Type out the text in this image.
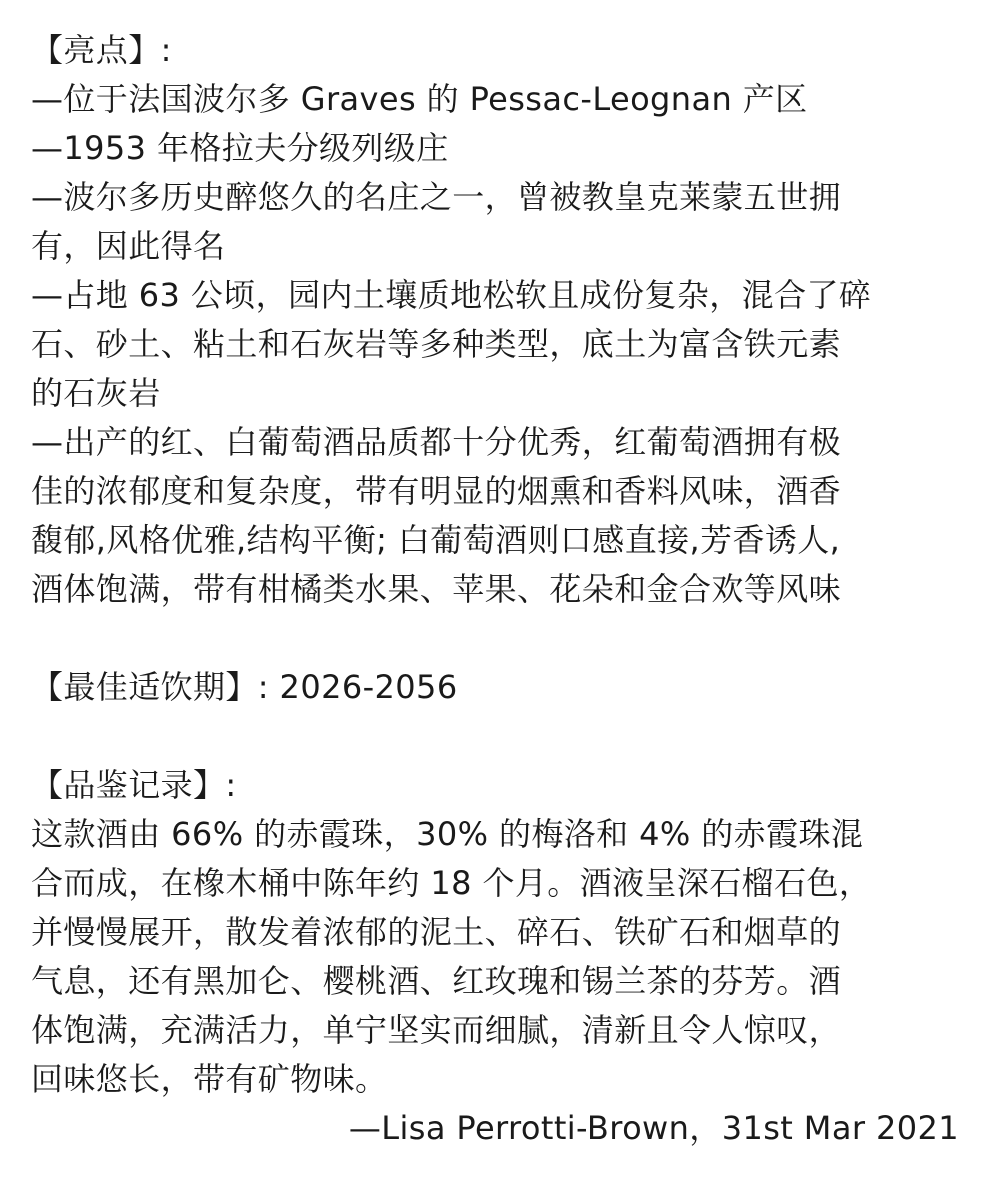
【亮点】:
—位于法国波尔多 Graves 的 Pessac-Leognan 产区
—1953 年格拉夫分级列级庄
—波尔多历史醉悠久的名庄之一，曾被教皇克莱蒙五世拥
有，因此得名
—占地 63 公顷，园内土壤质地松软且成份复杂，混合了碎
石、砂土、粘土和石灰岩等多种类型，底土为富含铁元素
的石灰岩
—出产的红、白葡萄酒品质都十分优秀，红葡萄酒拥有极
佳的浓郁度和复杂度，带有明显的烟熏和香料风味，酒香
馥郁,风格优雅,结构平衡; 白葡萄酒则口感直接,芳香诱人,
酒体饱满，带有柑橘类水果、苹果、花朵和金合欢等风味
【最佳适饮期】: 2026-2056
【品鉴记录】:
这款酒由 66% 的赤霞珠，30% 的梅洛和 4% 的赤霞珠混
合而成，在橡木桶中陈年约 18 个月。酒液呈深石榴石色，
并慢慢展开，散发着浓郁的泥土、碎石、铁矿石和烟草的
气息，还有黑加仑、樱桃酒、红玫瑰和锡兰茶的芬芳。酒
体饱满，充满活力，单宁坚实而细腻，清新且令人惊叹，
回味悠长，带有矿物味。
—Lisa Perrotti-Brown，31st Mar 2021
